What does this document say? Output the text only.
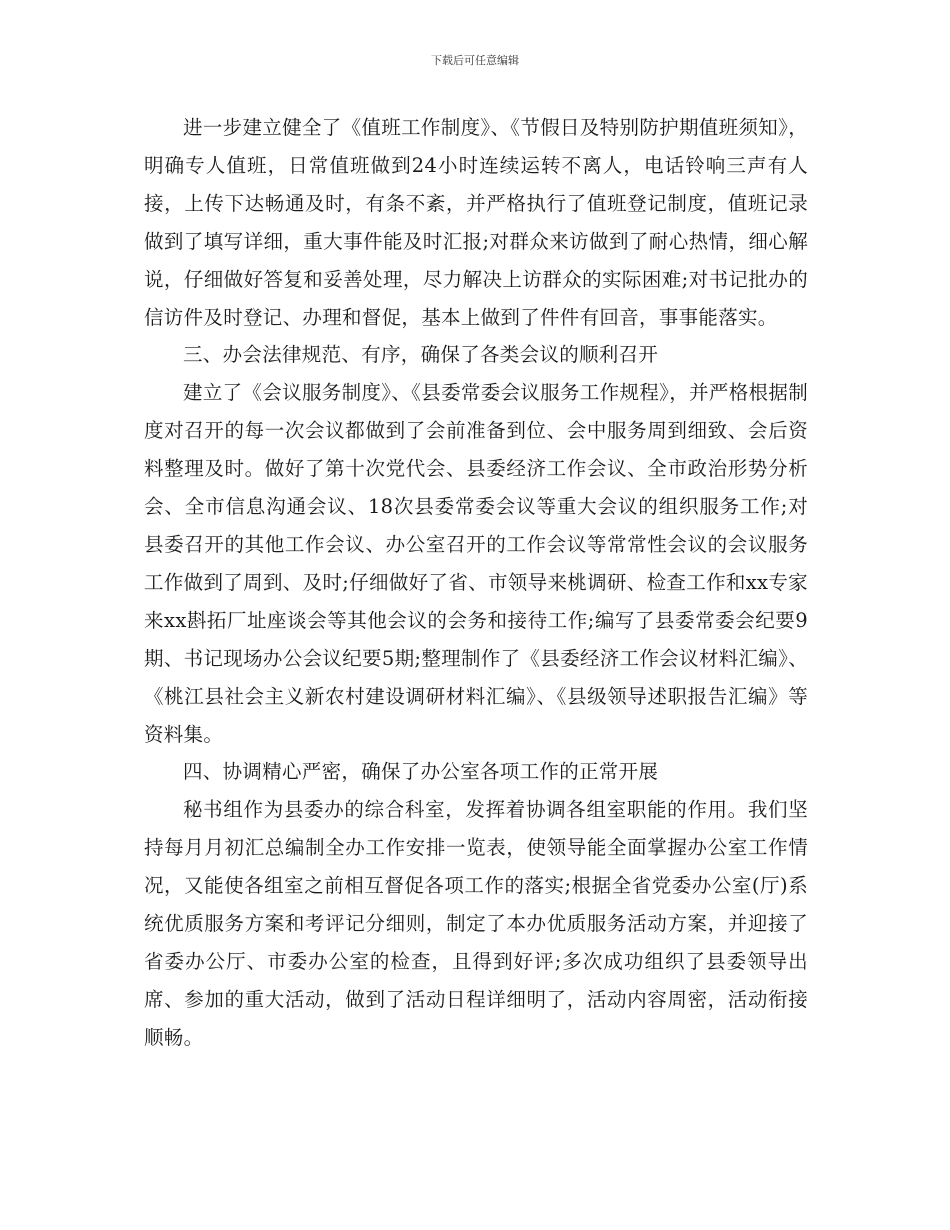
下载后可任意编辑

进一步建立健全了《值班工作制度》、《节假日及特别防护期值班须知》，明确专人值班，日常值班做到24小时连续运转不离人，电话铃响三声有人接，上传下达畅通及时，有条不紊，并严格执行了值班登记制度，值班记录做到了填写详细，重大事件能及时汇报;对群众来访做到了耐心热情，细心解说，仔细做好答复和妥善处理，尽力解决上访群众的实际困难;对书记批办的信访件及时登记、办理和督促，基本上做到了件件有回音，事事能落实。

三、办会法律规范、有序，确保了各类会议的顺利召开

建立了《会议服务制度》、《县委常委会议服务工作规程》，并严格根据制度对召开的每一次会议都做到了会前准备到位、会中服务周到细致、会后资料整理及时。做好了第十次党代会、县委经济工作会议、全市政治形势分析会、全市信息沟通会议、18次县委常委会议等重大会议的组织服务工作;对县委召开的其他工作会议、办公室召开的工作会议等常常性会议的会议服务工作做到了周到、及时;仔细做好了省、市领导来桃调研、检查工作和xx专家来xx斟拓厂址座谈会等其他会议的会务和接待工作;编写了县委常委会纪要9期、书记现场办公会议纪要5期;整理制作了《县委经济工作会议材料汇编》、《桃江县社会主义新农村建设调研材料汇编》、《县级领导述职报告汇编》等资料集。

四、协调精心严密，确保了办公室各项工作的正常开展

秘书组作为县委办的综合科室，发挥着协调各组室职能的作用。我们坚持每月月初汇总编制全办工作安排一览表，使领导能全面掌握办公室工作情况，又能使各组室之前相互督促各项工作的落实;根据全省党委办公室(厅)系统优质服务方案和考评记分细则，制定了本办优质服务活动方案，并迎接了省委办公厅、市委办公室的检查，且得到好评;多次成功组织了县委领导出席、参加的重大活动，做到了活动日程详细明了，活动内容周密，活动衔接顺畅。
